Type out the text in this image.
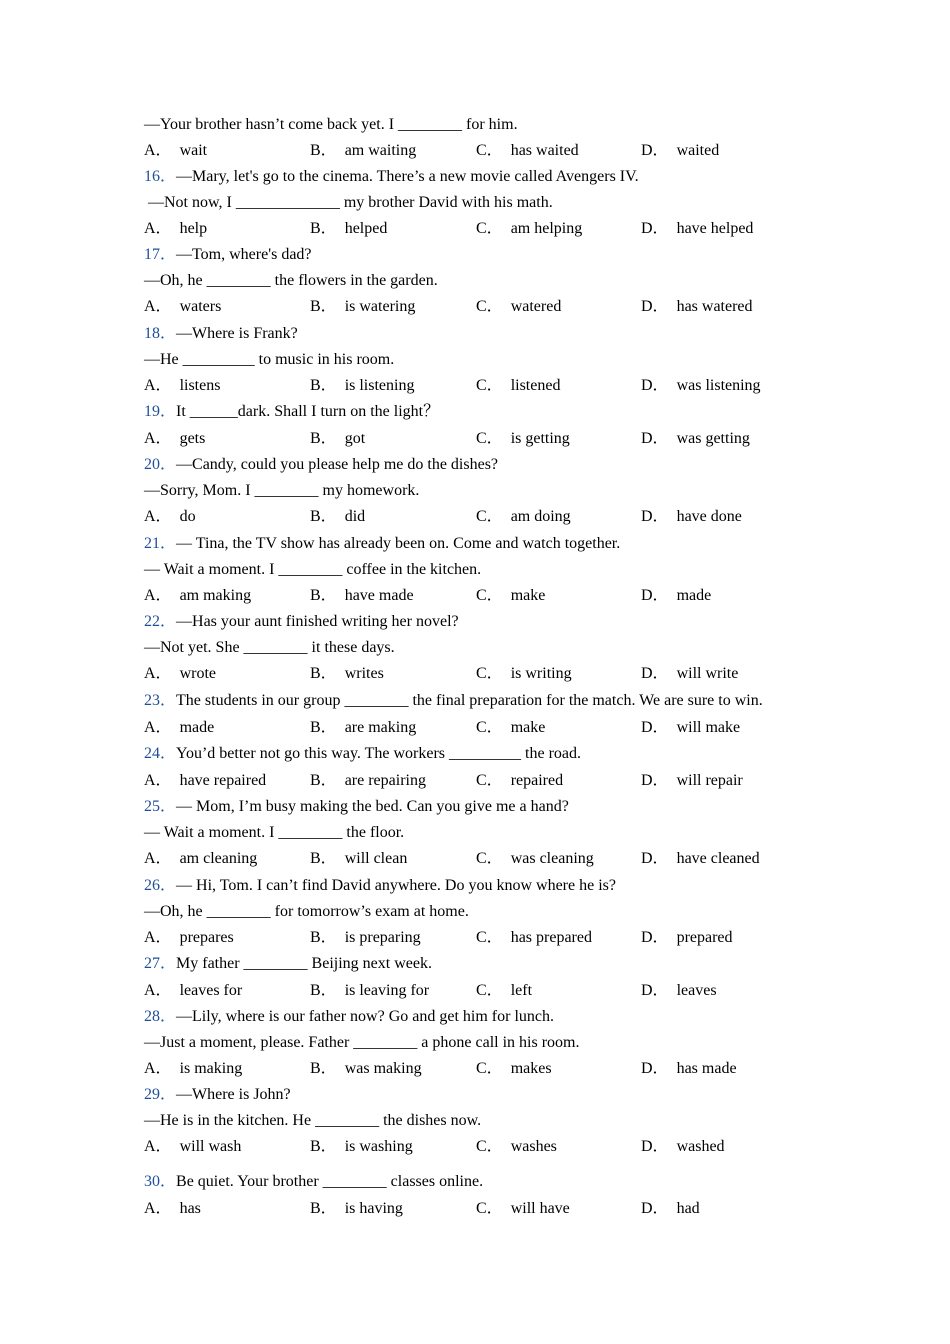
—Your brother hasn’t come back yet. I ________ for him.
A． wait	B． am waiting	C． has waited	D． waited
16．—Mary, let's go to the cinema. There’s a new movie called Avengers IV.
—Not now, I _____________ my brother David with his math.
A． help	B． helped	C． am helping	D． have helped
17．—Tom, where's dad?
—Oh, he ________ the flowers in the garden.
A． waters	B． is watering	C． watered	D． has watered
18．—Where is Frank?
—He _________ to music in his room.
A． listens	B． is listening	C． listened	D． was listening
19．It ______dark. Shall I turn on the light？
A． gets	B． got	C． is getting	D． was getting
20．—Candy, could you please help me do the dishes?
—Sorry, Mom. I ________ my homework.
A． do	B． did	C． am doing	D． have done
21．— Tina, the TV show has already been on. Come and watch together.
— Wait a moment. I ________ coffee in the kitchen.
A． am making	B． have made	C． make	D． made
22．—Has your aunt finished writing her novel?
—Not yet. She ________ it these days.
A． wrote	B． writes	C． is writing	D． will write
23．The students in our group ________ the final preparation for the match. We are sure to win.
A． made	B． are making	C． make	D． will make
24．You’d better not go this way. The workers _________ the road.
A． have repaired	B． are repairing	C． repaired	D． will repair
25．— Mom, I’m busy making the bed. Can you give me a hand?
— Wait a moment. I ________ the floor.
A． am cleaning	B． will clean	C． was cleaning	D． have cleaned
26．— Hi, Tom. I can’t find David anywhere. Do you know where he is?
—Oh, he ________ for tomorrow’s exam at home.
A． prepares	B． is preparing	C． has prepared	D． prepared
27．My father ________ Beijing next week.
A． leaves for	B． is leaving for	C． left	D． leaves
28．—Lily, where is our father now? Go and get him for lunch.
—Just a moment, please. Father ________ a phone call in his room.
A． is making	B． was making	C． makes	D． has made
29．—Where is John?
—He is in the kitchen. He ________ the dishes now.
A． will wash	B． is washing	C． washes	D． washed
30．Be quiet. Your brother ________ classes online.
A． has	B． is having	C． will have	D． had
